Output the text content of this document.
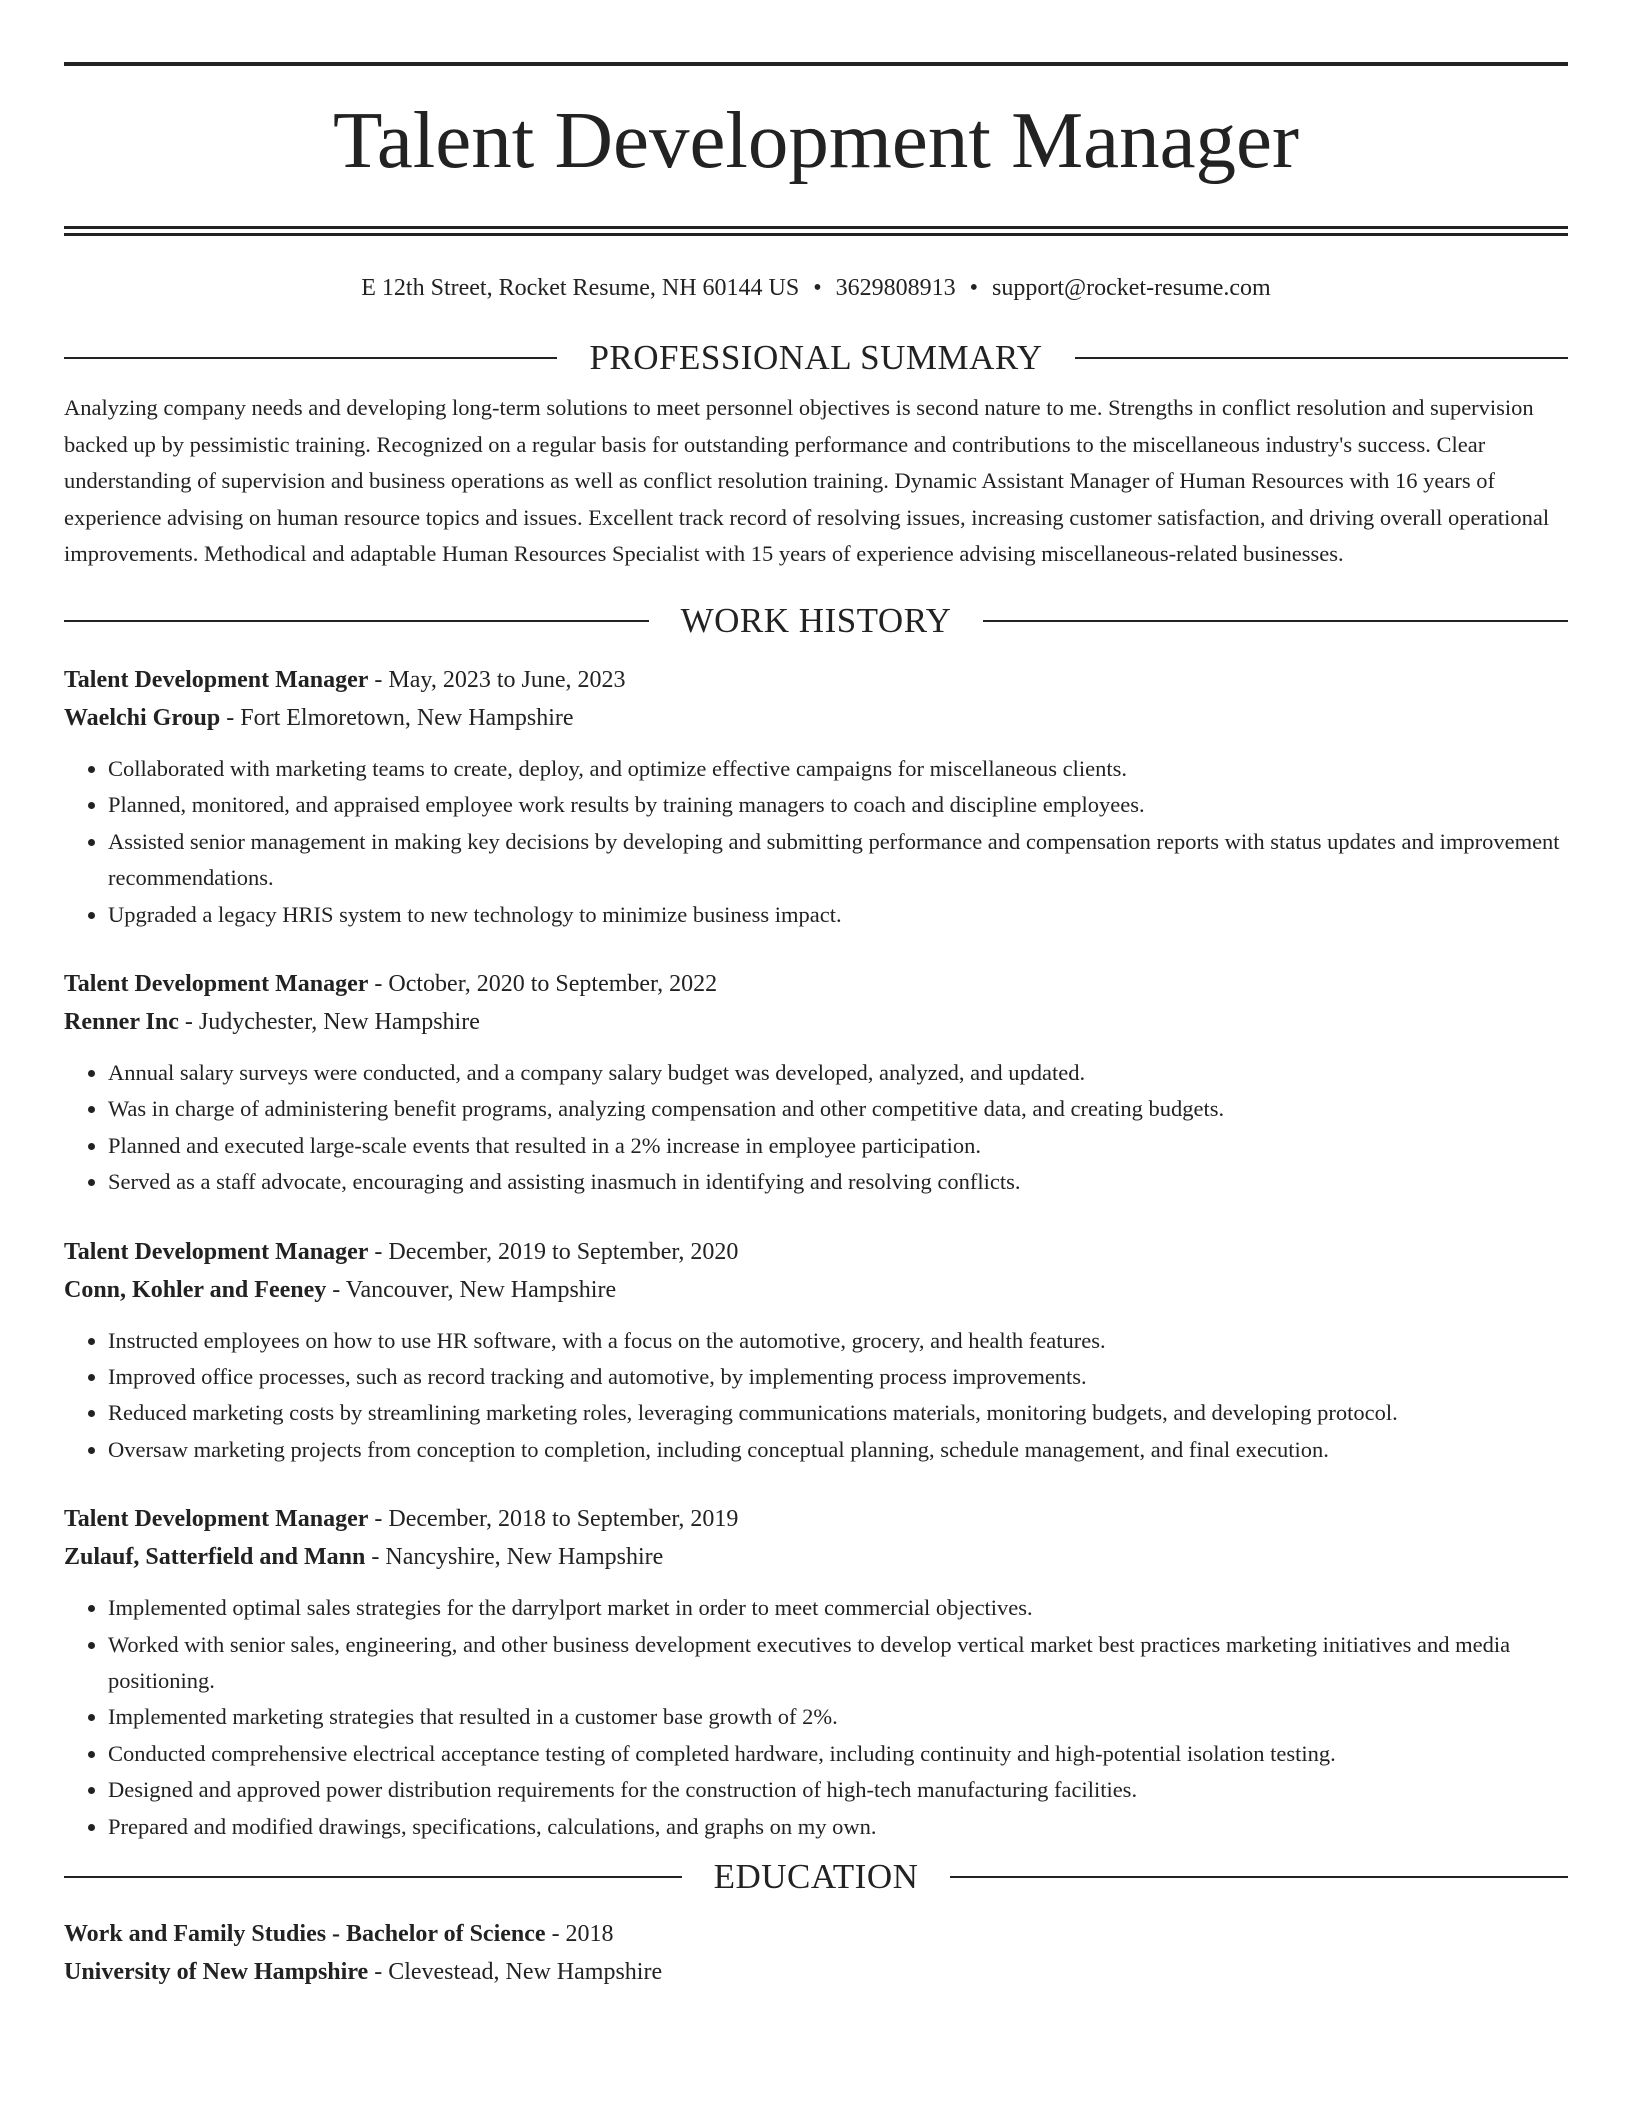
Talent Development Manager
E 12th Street, Rocket Resume, NH 60144 US • 3629808913 • support@rocket-resume.com
PROFESSIONAL SUMMARY
Analyzing company needs and developing long-term solutions to meet personnel objectives is second nature to me. Strengths in conflict resolution and supervision backed up by pessimistic training. Recognized on a regular basis for outstanding performance and contributions to the miscellaneous industry's success. Clear understanding of supervision and business operations as well as conflict resolution training. Dynamic Assistant Manager of Human Resources with 16 years of experience advising on human resource topics and issues. Excellent track record of resolving issues, increasing customer satisfaction, and driving overall operational improvements. Methodical and adaptable Human Resources Specialist with 15 years of experience advising miscellaneous-related businesses.
WORK HISTORY
Talent Development Manager - May, 2023 to June, 2023
Waelchi Group - Fort Elmoretown, New Hampshire
• Collaborated with marketing teams to create, deploy, and optimize effective campaigns for miscellaneous clients.
• Planned, monitored, and appraised employee work results by training managers to coach and discipline employees.
• Assisted senior management in making key decisions by developing and submitting performance and compensation reports with status updates and improvement recommendations.
• Upgraded a legacy HRIS system to new technology to minimize business impact.
Talent Development Manager - October, 2020 to September, 2022
Renner Inc - Judychester, New Hampshire
• Annual salary surveys were conducted, and a company salary budget was developed, analyzed, and updated.
• Was in charge of administering benefit programs, analyzing compensation and other competitive data, and creating budgets.
• Planned and executed large-scale events that resulted in a 2% increase in employee participation.
• Served as a staff advocate, encouraging and assisting inasmuch in identifying and resolving conflicts.
Talent Development Manager - December, 2019 to September, 2020
Conn, Kohler and Feeney - Vancouver, New Hampshire
• Instructed employees on how to use HR software, with a focus on the automotive, grocery, and health features.
• Improved office processes, such as record tracking and automotive, by implementing process improvements.
• Reduced marketing costs by streamlining marketing roles, leveraging communications materials, monitoring budgets, and developing protocol.
• Oversaw marketing projects from conception to completion, including conceptual planning, schedule management, and final execution.
Talent Development Manager - December, 2018 to September, 2019
Zulauf, Satterfield and Mann - Nancyshire, New Hampshire
• Implemented optimal sales strategies for the darrylport market in order to meet commercial objectives.
• Worked with senior sales, engineering, and other business development executives to develop vertical market best practices marketing initiatives and media positioning.
• Implemented marketing strategies that resulted in a customer base growth of 2%.
• Conducted comprehensive electrical acceptance testing of completed hardware, including continuity and high-potential isolation testing.
• Designed and approved power distribution requirements for the construction of high-tech manufacturing facilities.
• Prepared and modified drawings, specifications, calculations, and graphs on my own.
EDUCATION
Work and Family Studies - Bachelor of Science - 2018
University of New Hampshire - Clevestead, New Hampshire
